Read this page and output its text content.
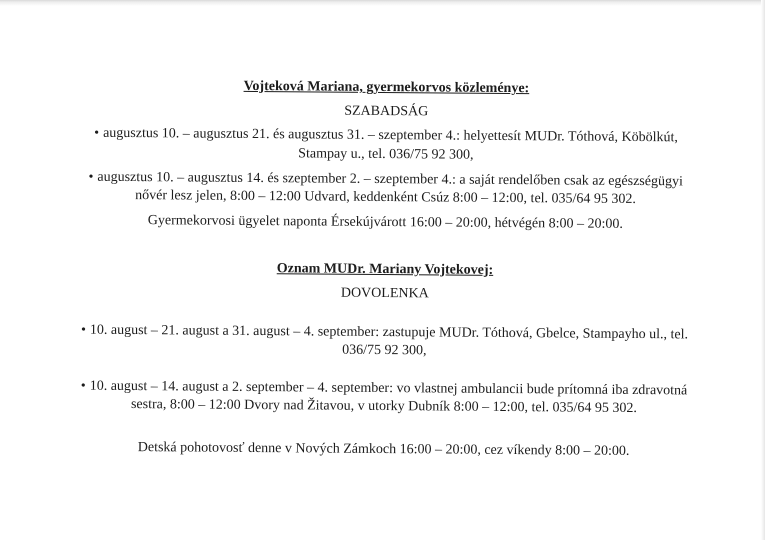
Vojteková Mariana, gyermekorvos közleménye:
SZABADSÁG
• augusztus 10. – augusztus 21. és augusztus 31. – szeptember 4.: helyettesít MUDr. Tóthová, Köbölkút,
Stampay u., tel. 036/75 92 300,
• augusztus 10. – augusztus 14. és szeptember 2. – szeptember 4.: a saját rendelőben csak az egészségügyi
nővér lesz jelen, 8:00 – 12:00 Udvard, keddenként Csúz 8:00 – 12:00, tel. 035/64 95 302.
Gyermekorvosi ügyelet naponta Érsekújvárott 16:00 – 20:00, hétvégén 8:00 – 20:00.
Oznam MUDr. Mariany Vojtekovej:
DOVOLENKA
• 10. august – 21. august a 31. august – 4. september: zastupuje MUDr. Tóthová, Gbelce, Stampayho ul., tel.
036/75 92 300,
• 10. august – 14. august a 2. september – 4. september: vo vlastnej ambulancii bude prítomná iba zdravotná
sestra, 8:00 – 12:00 Dvory nad Žitavou, v utorky Dubník 8:00 – 12:00, tel. 035/64 95 302.
Detská pohotovosť denne v Nových Zámkoch 16:00 – 20:00, cez víkendy 8:00 – 20:00.
